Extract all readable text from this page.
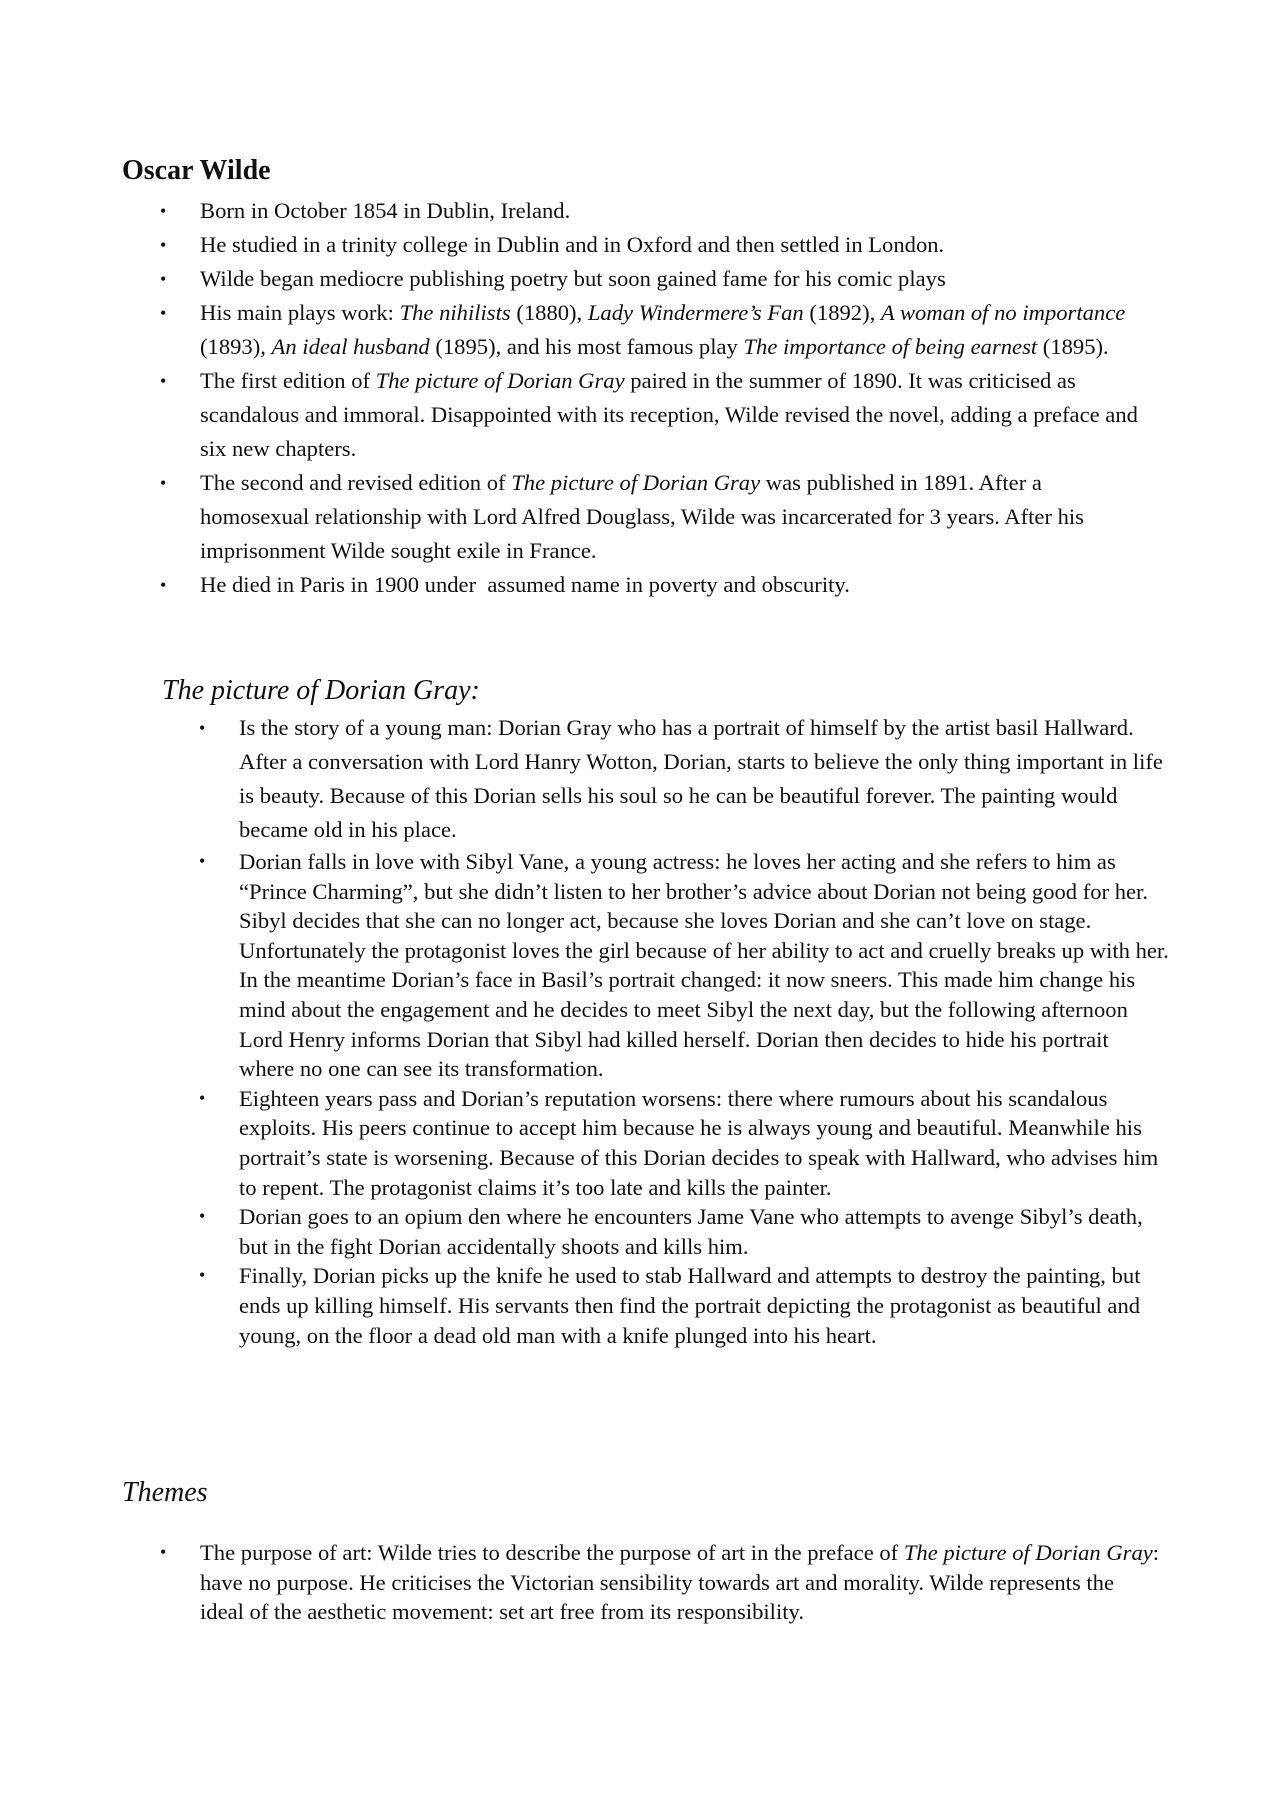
Oscar Wilde
• Born in October 1854 in Dublin, Ireland.
• He studied in a trinity college in Dublin and in Oxford and then settled in London.
• Wilde began mediocre publishing poetry but soon gained fame for his comic plays
• His main plays work: The nihilists (1880), Lady Windermere’s Fan (1892), A woman of no importance (1893), An ideal husband (1895), and his most famous play The importance of being earnest (1895).
• The first edition of The picture of Dorian Gray paired in the summer of 1890. It was criticised as scandalous and immoral. Disappointed with its reception, Wilde revised the novel, adding a preface and six new chapters.
• The second and revised edition of The picture of Dorian Gray was published in 1891. After a homosexual relationship with Lord Alfred Douglass, Wilde was incarcerated for 3 years. After his imprisonment Wilde sought exile in France.
• He died in Paris in 1900 under  assumed name in poverty and obscurity.
The picture of Dorian Gray:
• Is the story of a young man: Dorian Gray who has a portrait of himself by the artist basil Hallward. After a conversation with Lord Hanry Wotton, Dorian, starts to believe the only thing important in life is beauty. Because of this Dorian sells his soul so he can be beautiful forever. The painting would became old in his place.
• Dorian falls in love with Sibyl Vane, a young actress: he loves her acting and she refers to him as “Prince Charming”, but she didn’t listen to her brother’s advice about Dorian not being good for her. Sibyl decides that she can no longer act, because she loves Dorian and she can’t love on stage. Unfortunately the protagonist loves the girl because of her ability to act and cruelly breaks up with her. In the meantime Dorian’s face in Basil’s portrait changed: it now sneers. This made him change his mind about the engagement and he decides to meet Sibyl the next day, but the following afternoon Lord Henry informs Dorian that Sibyl had killed herself. Dorian then decides to hide his portrait where no one can see its transformation.
• Eighteen years pass and Dorian’s reputation worsens: there where rumours about his scandalous exploits. His peers continue to accept him because he is always young and beautiful. Meanwhile his portrait’s state is worsening. Because of this Dorian decides to speak with Hallward, who advises him to repent. The protagonist claims it’s too late and kills the painter.
• Dorian goes to an opium den where he encounters Jame Vane who attempts to avenge Sibyl’s death, but in the fight Dorian accidentally shoots and kills him.
• Finally, Dorian picks up the knife he used to stab Hallward and attempts to destroy the painting, but ends up killing himself. His servants then find the portrait depicting the protagonist as beautiful and young, on the floor a dead old man with a knife plunged into his heart.
Themes
• The purpose of art: Wilde tries to describe the purpose of art in the preface of The picture of Dorian Gray: have no purpose. He criticises the Victorian sensibility towards art and morality. Wilde represents the ideal of the aesthetic movement: set art free from its responsibility.
